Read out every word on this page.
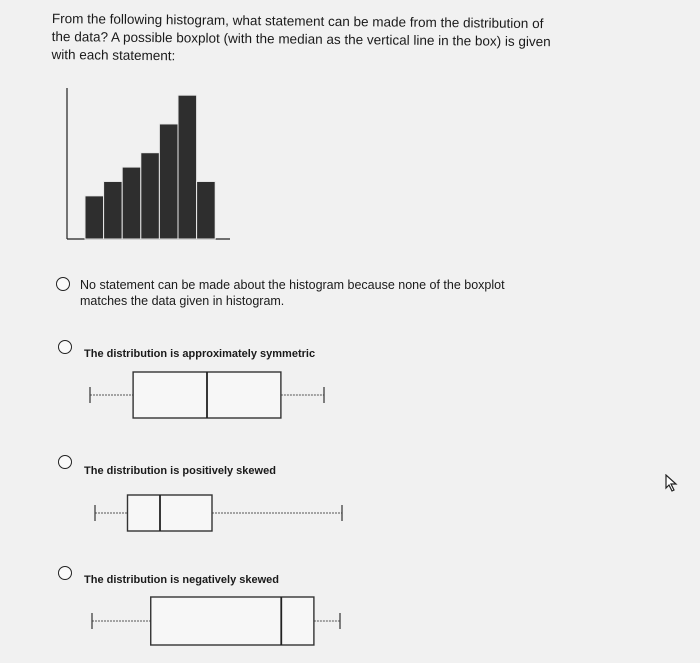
From the following histogram, what statement can be made from the distribution of
the data? A possible boxplot (with the median as the vertical line in the box) is given
with each statement:
No statement can be made about the histogram because none of the boxplot
matches the data given in histogram.
The distribution is approximately symmetric
The distribution is positively skewed
The distribution is negatively skewed
